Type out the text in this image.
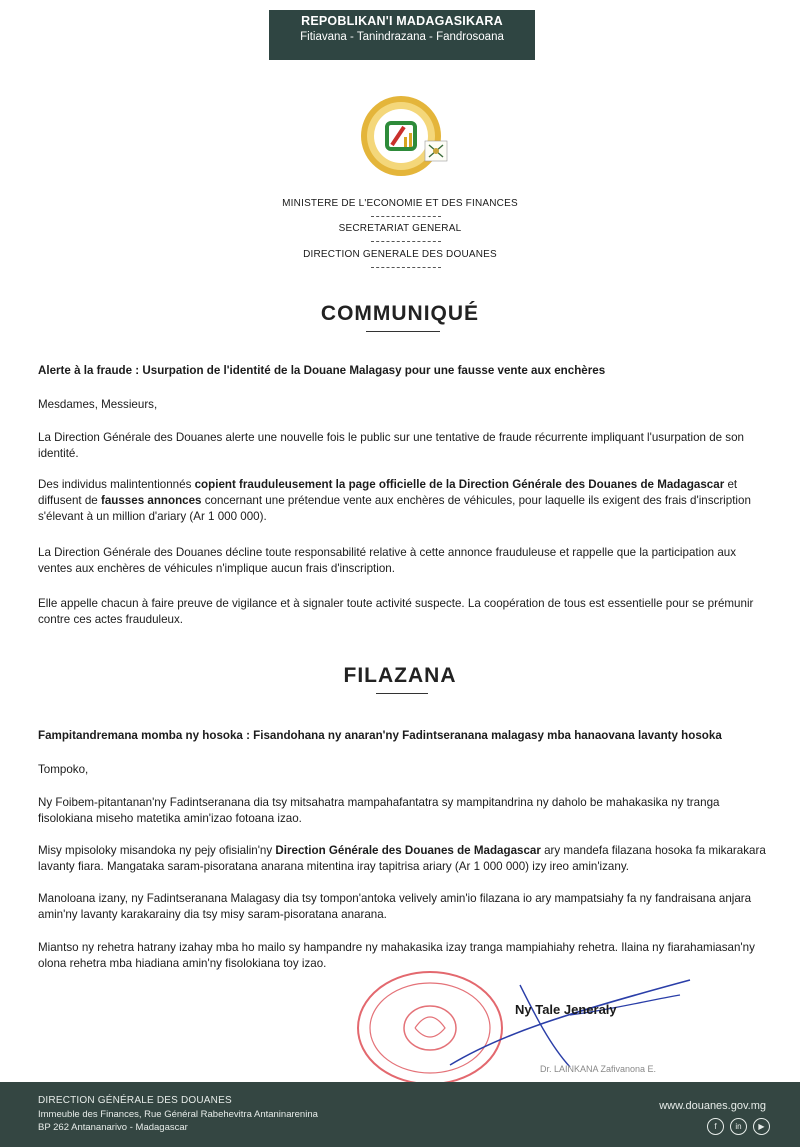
REPOBLIKAN'I MADAGASIKARA
Fitiavana - Tanindrazana - Fandrosoana
MINISTERE DE L'ECONOMIE ET DES FINANCES
SECRETARIAT GENERAL
DIRECTION GENERALE DES DOUANES
COMMUNIQUÉ
Alerte à la fraude : Usurpation de l'identité de la Douane Malagasy pour une fausse vente aux enchères
Mesdames, Messieurs,
La Direction Générale des Douanes alerte une nouvelle fois le public sur une tentative de fraude récurrente impliquant l'usurpation de son identité.
Des individus malintentionnés copient frauduleusement la page officielle de la Direction Générale des Douanes de Madagascar et diffusent de fausses annonces concernant une prétendue vente aux enchères de véhicules, pour laquelle ils exigent des frais d'inscription s'élevant à un million d'ariary (Ar 1 000 000).
La Direction Générale des Douanes décline toute responsabilité relative à cette annonce frauduleuse et rappelle que la participation aux ventes aux enchères de véhicules n'implique aucun frais d'inscription.
Elle appelle chacun à faire preuve de vigilance et à signaler toute activité suspecte. La coopération de tous est essentielle pour se prémunir contre ces actes frauduleux.
FILAZANA
Fampitandremana momba ny hosoka : Fisandohana ny anaran'ny Fadintseranana malagasy mba hanaovana lavanty hosoka
Tompoko,
Ny Foibem-pitantanan'ny Fadintseranana dia tsy mitsahatra mampahafantatra sy mampitandrina ny daholo be mahakasika ny tranga fisolokiana miseho matetika amin'izao fotoana izao.
Misy mpisoloky misandoka ny pejy ofisialin'ny Direction Générale des Douanes de Madagascar ary mandefa filazana hosoka fa mikarakara lavanty fiara. Mangataka saram-pisoratana anarana mitentina iray tapitrisa ariary (Ar 1 000 000) izy ireo amin'izany.
Manoloana izany, ny Fadintseranana Malagasy dia tsy tompon'antoka velively amin'io filazana io ary mampatsiahy fa ny fandraisana anjara amin'ny lavanty karakarainy dia tsy misy saram-pisoratana anarana.
Miantso ny rehetra hatrany izahay mba ho mailo sy hampandre ny mahakasika izay tranga mampiahiahy rehetra. Ilaina ny fiarahamiasan'ny olona rehetra mba hiadiana amin'ny fisolokiana toy izao.
Ny Tale Jeneraly
Dr. LAINKANA Zafivanona E.
DIRECTION GÉNÉRALE DES DOUANES
Immeuble des Finances, Rue Général Rabehevitra Antaninarenina
BP 262 Antananarivo - Madagascar
www.douanes.gov.mg
f	in	▶
